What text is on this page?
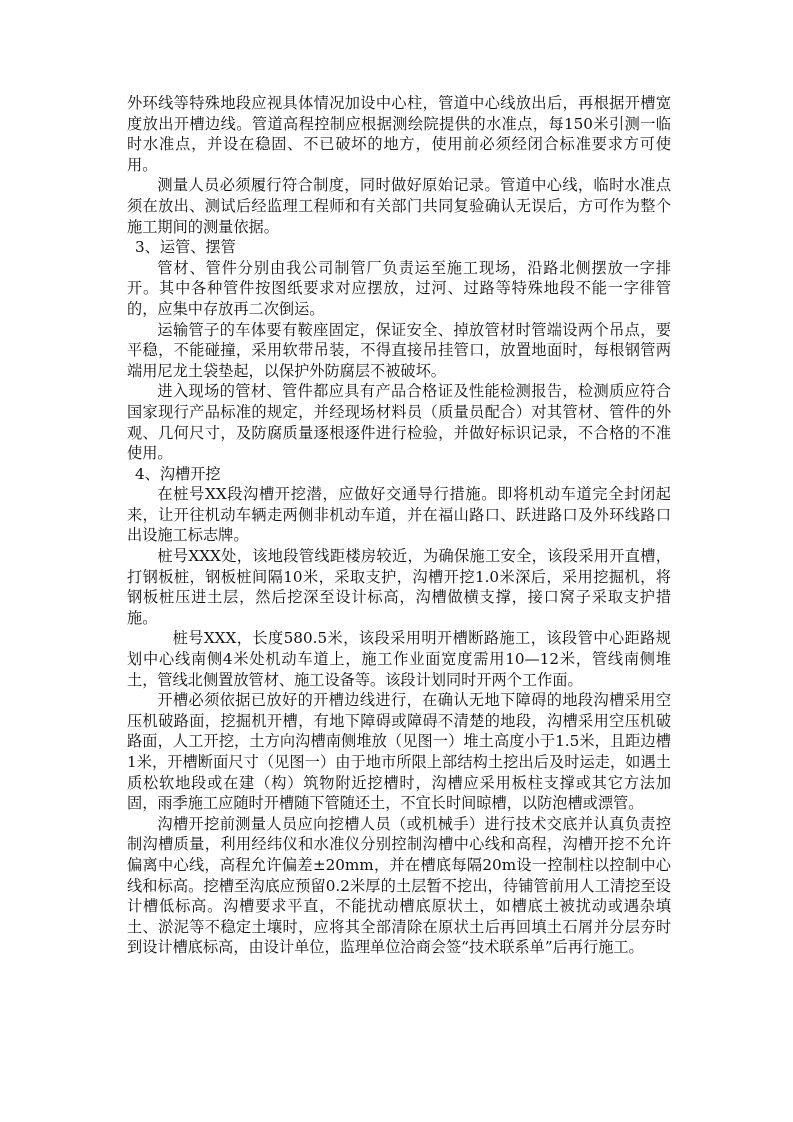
外环线等特殊地段应视具体情况加设中心柱，管道中心线放出后，再根据开槽宽度放出开槽边线。管道高程控制应根据测绘院提供的水准点，每150米引测一临时水准点，并设在稳固、不已破坏的地方，使用前必须经闭合标准要求方可使用。

测量人员必须履行符合制度，同时做好原始记录。管道中心线，临时水准点须在放出、测试后经监理工程师和有关部门共同复验确认无误后，方可作为整个施工期间的测量依据。

3、运管、摆管

管材、管件分别由我公司制管厂负责运至施工现场，沿路北侧摆放一字排开。其中各种管件按图纸要求对应摆放，过河、过路等特殊地段不能一字徘管的，应集中存放再二次倒运。

运输管子的车体要有鞍座固定，保证安全、掉放管材时管端设两个吊点，要平稳，不能碰撞，采用软带吊装，不得直接吊挂管口，放置地面时，每根钢管两端用尼龙土袋垫起，以保护外防腐层不被破坏。

进入现场的管材、管件都应具有产品合格证及性能检测报告，检测质应符合国家现行产品标准的规定，并经现场材料员（质量员配合）对其管材、管件的外观、几何尺寸，及防腐质量逐根逐件进行检验，并做好标识记录，不合格的不准使用。

4、沟槽开挖

在桩号XX段沟槽开挖潜，应做好交通导行措施。即将机动车道完全封闭起来，让开往机动车辆走两侧非机动车道，并在福山路口、跃进路口及外环线路口出设施工标志牌。

桩号XXX处，该地段管线距楼房较近，为确保施工安全，该段采用开直槽，打钢板桩，钢板桩间隔10米，采取支护，沟槽开挖1.0米深后，采用挖掘机，将钢板桩压进土层，然后挖深至设计标高，沟槽做横支撑，接口窝子采取支护措施。

桩号XXX，长度580.5米，该段采用明开槽断路施工，该段管中心距路规划中心线南侧4米处机动车道上，施工作业面宽度需用10—12米，管线南侧堆土，管线北侧置放管材、施工设备等。该段计划同时开两个工作面。

开槽必须依据已放好的开槽边线进行，在确认无地下障碍的地段沟槽采用空压机破路面，挖掘机开槽，有地下障碍或障碍不清楚的地段，沟槽采用空压机破路面，人工开挖，土方向沟槽南侧堆放（见图一）堆土高度小于1.5米，且距边槽1米，开槽断面尺寸（见图一）由于地市所限上部结构土挖出后及时运走，如遇土质松软地段或在建（构）筑物附近挖槽时，沟槽应采用板柱支撑或其它方法加固，雨季施工应随时开槽随下管随还土，不宜长时间晾槽，以防泡槽或漂管。

沟槽开挖前测量人员应向挖槽人员（或机械手）进行技术交底并认真负责控制沟槽质量，利用经纬仪和水准仪分别控制沟槽中心线和高程，沟槽开挖不允许偏离中心线，高程允许偏差±20mm，并在槽底每隔20m设一控制柱以控制中心线和标高。挖槽至沟底应预留0.2米厚的土层暂不挖出，待铺管前用人工清挖至设计槽低标高。沟槽要求平直，不能扰动槽底原状土，如槽底土被扰动或遇杂填土、淤泥等不稳定土壤时，应将其全部清除在原状土后再回填土石屑并分层夯时到设计槽底标高，由设计单位，监理单位洽商会签“技术联系单”后再行施工。
